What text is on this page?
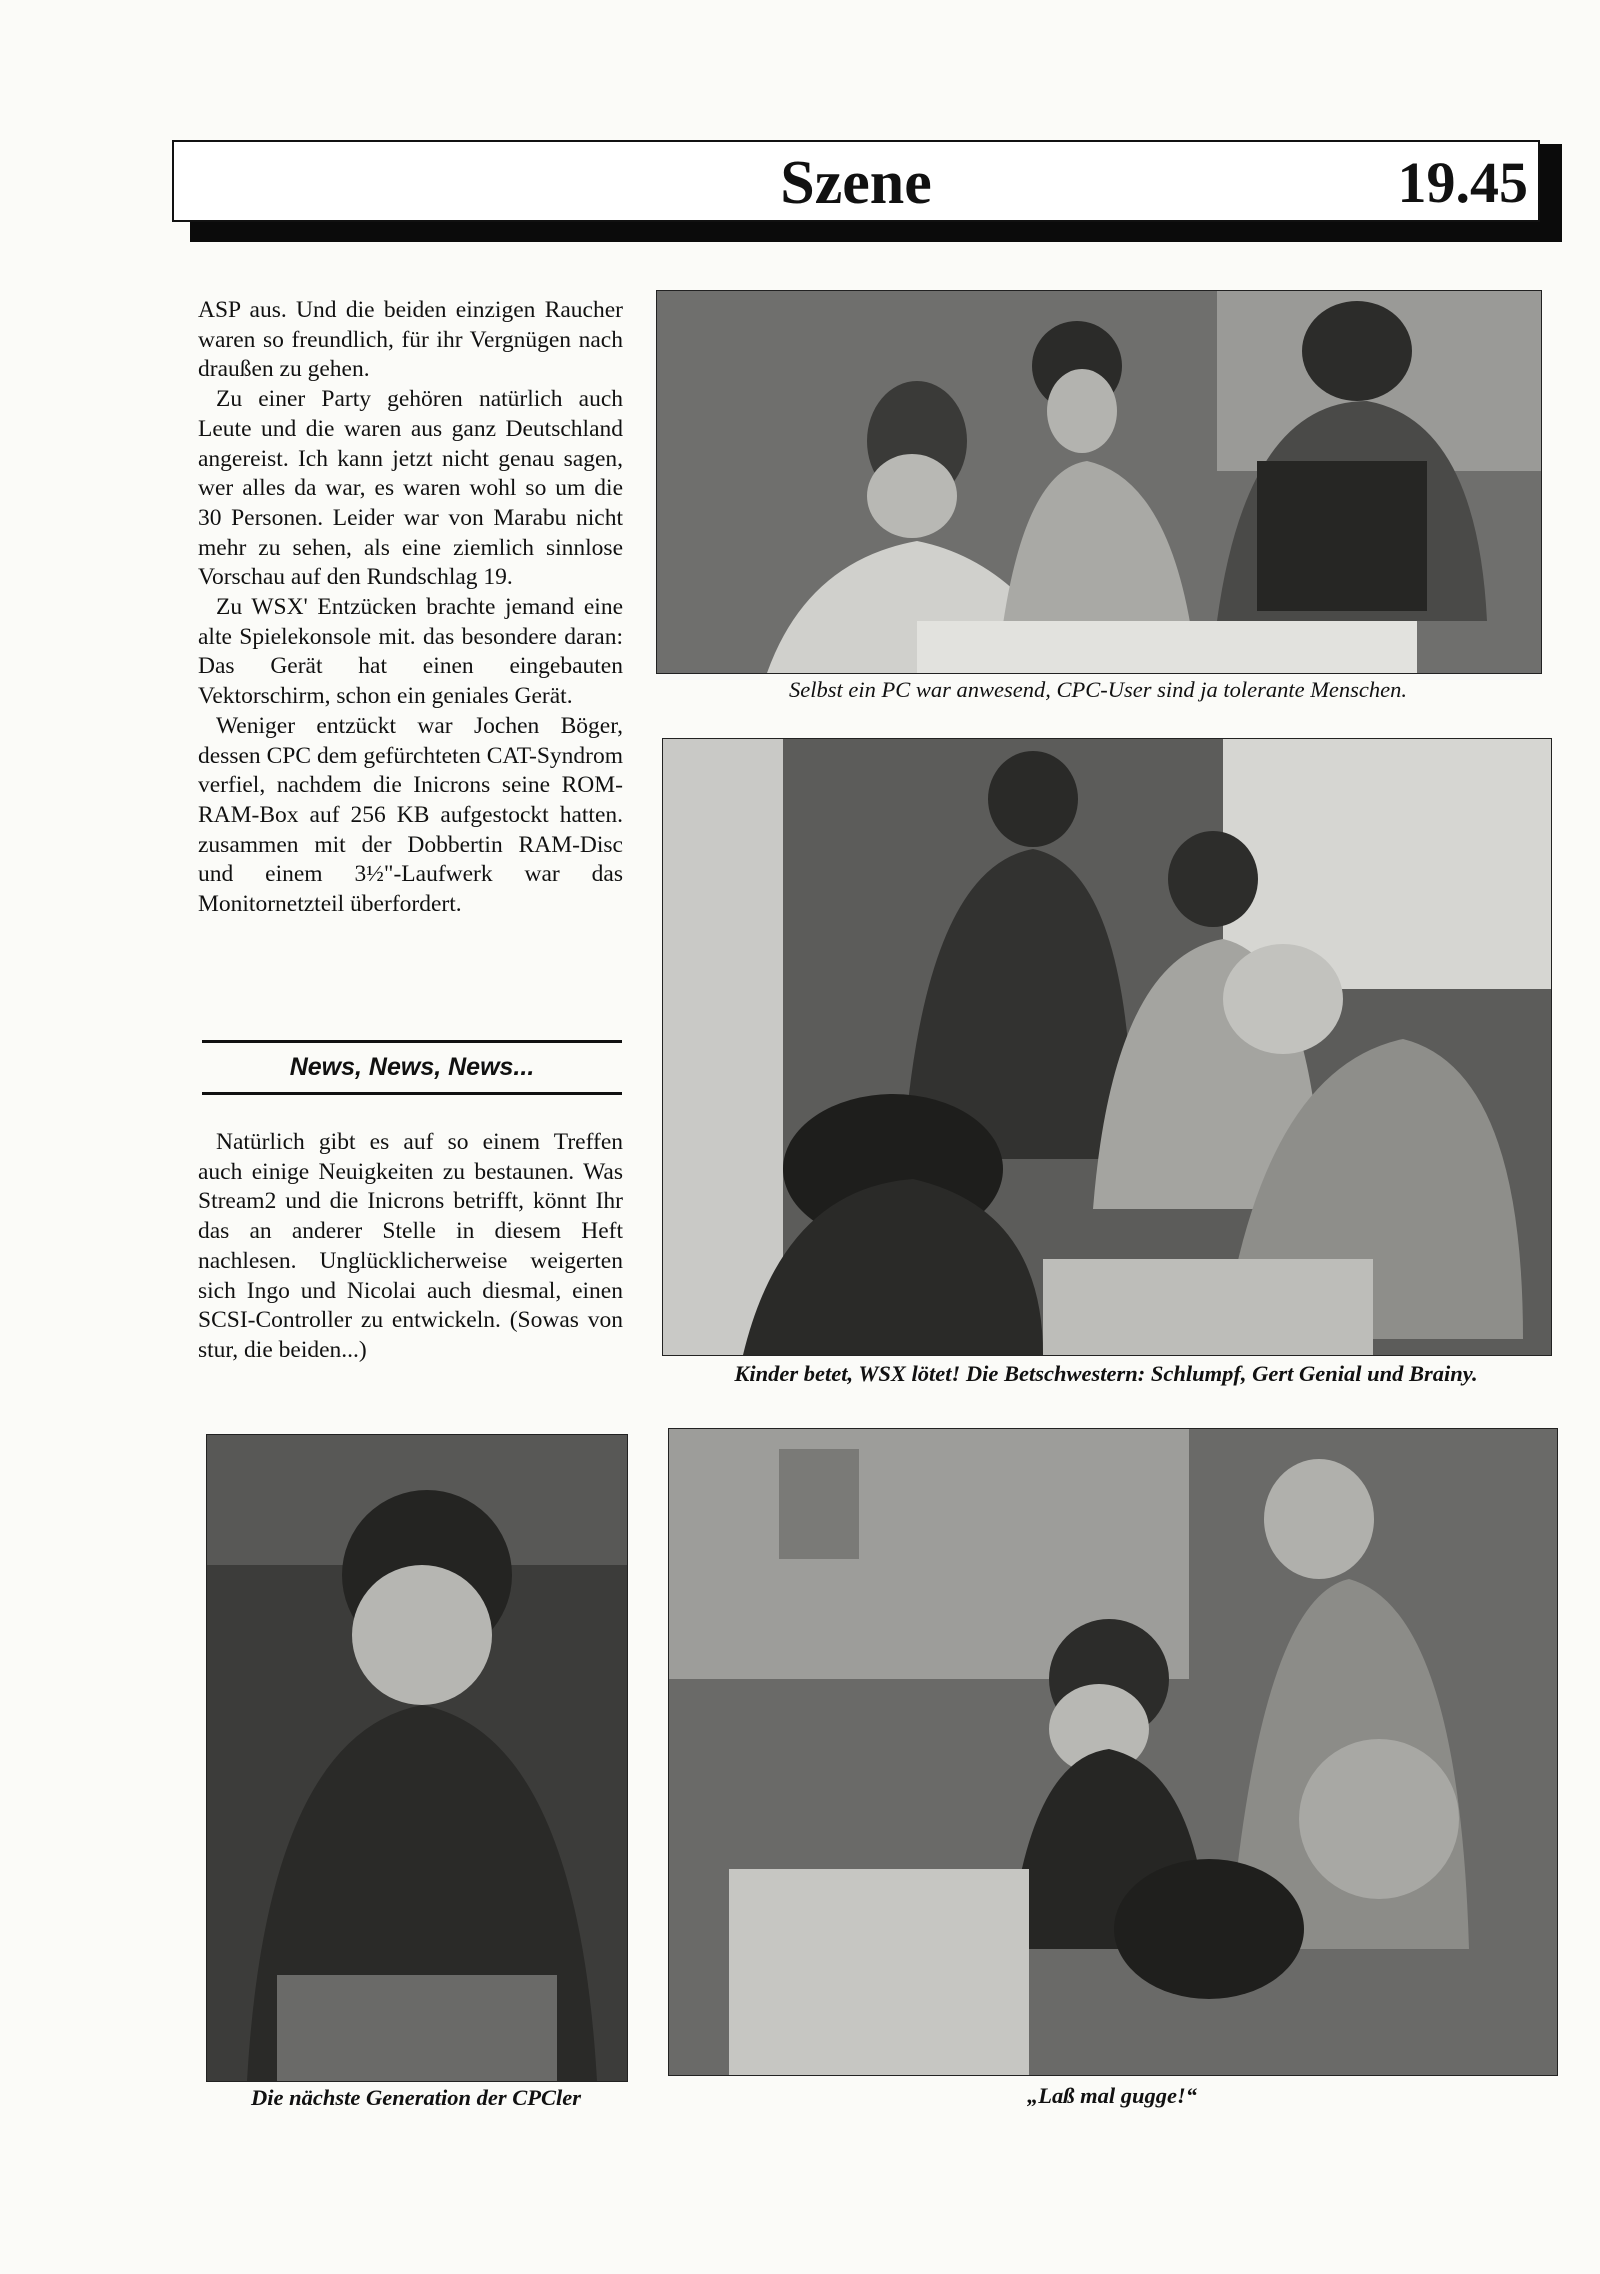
Szene	19.45

ASP aus. Und die beiden einzigen Raucher waren so freundlich, für ihr Vergnügen nach draußen zu gehen.

Zu einer Party gehören natürlich auch Leute und die waren aus ganz Deutschland angereist. Ich kann jetzt nicht genau sagen, wer alles da war, es waren wohl so um die 30 Personen. Leider war von Marabu nicht mehr zu sehen, als eine ziemlich sinnlose Vorschau auf den Rundschlag 19.

Zu WSX' Entzücken brachte jemand eine alte Spielekonsole mit. das besondere daran: Das Gerät hat einen eingebauten Vektorschirm, schon ein geniales Gerät.

Weniger entzückt war Jochen Böger, dessen CPC dem gefürchteten CAT-Syndrom verfiel, nachdem die Inicrons seine ROM-RAM-Box auf 256 KB aufgestockt hatten. zusammen mit der Dobbertin RAM-Disc und einem 3½"-Laufwerk war das Monitornetzteil überfordert.

News, News, News...

Natürlich gibt es auf so einem Treffen auch einige Neuigkeiten zu bestaunen. Was Stream2 und die Inicrons betrifft, könnt Ihr das an anderer Stelle in diesem Heft nachlesen. Unglücklicherweise weigerten sich Ingo und Nicolai auch diesmal, einen SCSI-Controller zu entwickeln. (Sowas von stur, die beiden...)

Selbst ein PC war anwesend, CPC-User sind ja tolerante Menschen.
Kinder betet, WSX lötet! Die Betschwestern: Schlumpf, Gert Genial und Brainy.
Die nächste Generation der CPCler	„Laß mal gugge!“
